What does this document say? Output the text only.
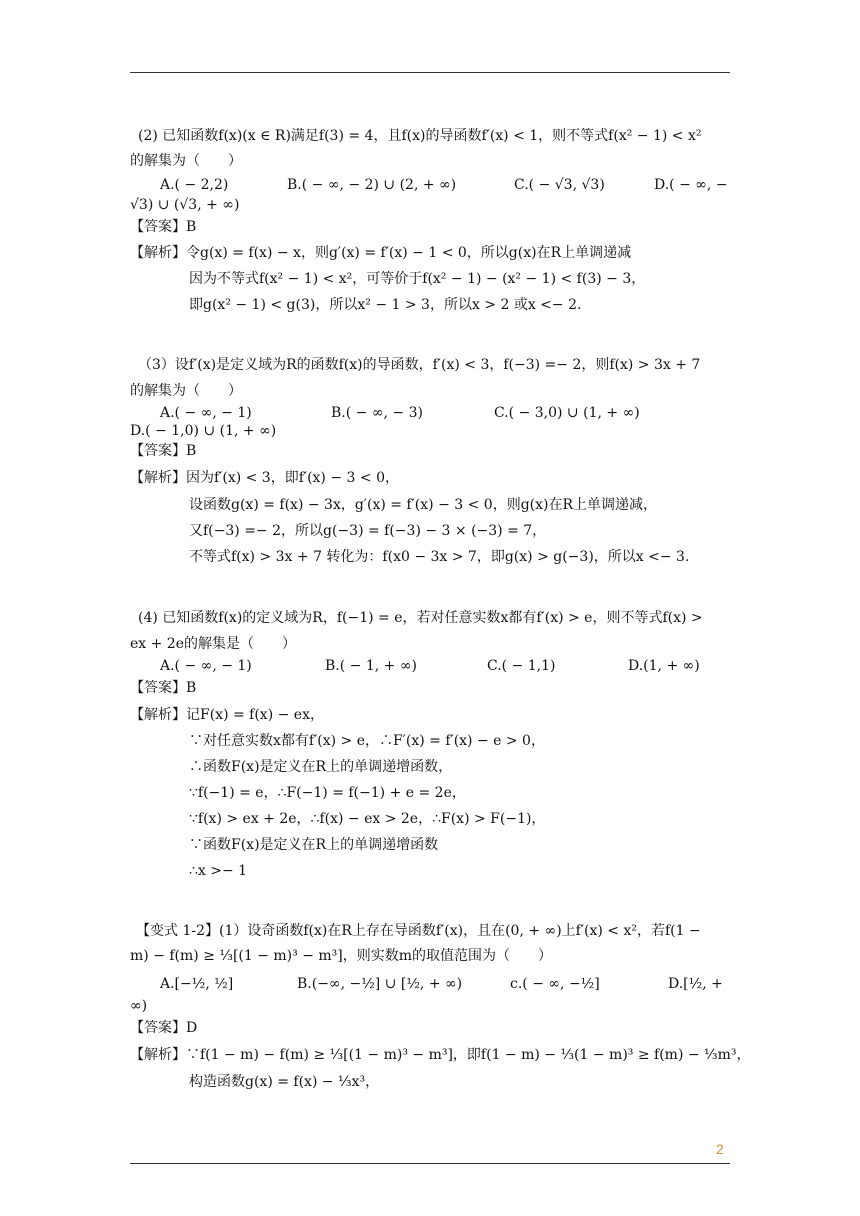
(2) 已知函数f(x)(x ∈ R)满足f(3) = 4，且f(x)的导函数f′(x) < 1，则不等式f(x² − 1) < x²
的解集为（　　）
A.( − 2,2)	B.( − ∞, − 2) ∪ (2, + ∞)	C.( − √3, √3)	D.( − ∞, −
√3) ∪ (√3, + ∞)
【答案】B
【解析】令g(x) = f(x) − x，则g′(x) = f′(x) − 1 < 0，所以g(x)在R上单调递减
因为不等式f(x² − 1) < x²，可等价于f(x² − 1) − (x² − 1) < f(3) − 3，
即g(x² − 1) < g(3)，所以x² − 1 > 3，所以x > 2 或x <− 2.
（3）设f′(x)是定义域为R的函数f(x)的导函数，f′(x) < 3，f(−3) =− 2，则f(x) > 3x + 7
的解集为（　　）
A.( − ∞, − 1)	B.( − ∞, − 3)	C.( − 3,0) ∪ (1, + ∞)
D.( − 1,0) ∪ (1, + ∞)
【答案】B
【解析】因为f′(x) < 3，即f′(x) − 3 < 0，
设函数g(x) = f(x) − 3x，g′(x) = f′(x) − 3 < 0，则g(x)在R上单调递减，
又f(−3) =− 2，所以g(−3) = f(−3) − 3 × (−3) = 7，
不等式f(x) > 3x + 7 转化为：f(x0 − 3x > 7，即g(x) > g(−3)，所以x <− 3.
(4) 已知函数f(x)的定义域为R，f(−1) = e，若对任意实数x都有f′(x) > e，则不等式f(x) >
ex + 2e的解集是（　　）
A.( − ∞, − 1)	B.( − 1, + ∞)	C.( − 1,1)	D.(1, + ∞)
【答案】B
【解析】记F(x) = f(x) − ex，
∵对任意实数x都有f′(x) > e，∴F′(x) = f′(x) − e > 0，
∴函数F(x)是定义在R上的单调递增函数，
∵f(−1) = e，∴F(−1) = f(−1) + e = 2e，
∵f(x) > ex + 2e，∴f(x) − ex > 2e，∴F(x) > F(−1)，
∵函数F(x)是定义在R上的单调递增函数
∴x >− 1
【变式 1-2】(1）设奇函数f(x)在R上存在导函数f′(x)，且在(0, + ∞)上f′(x) < x²，若f(1 −
m) − f(m) ≥ ⅓[(1 − m)³ − m³]，则实数m的取值范围为（　　）
A.[−½, ½]	B.(−∞, −½] ∪ [½, + ∞)	c.( − ∞, −½]	D.[½, +
∞)
【答案】D
【解析】∵f(1 − m) − f(m) ≥ ⅓[(1 − m)³ − m³]，即f(1 − m) − ⅓(1 − m)³ ≥ f(m) − ⅓m³，
构造函数g(x) = f(x) − ⅓x³，
2
